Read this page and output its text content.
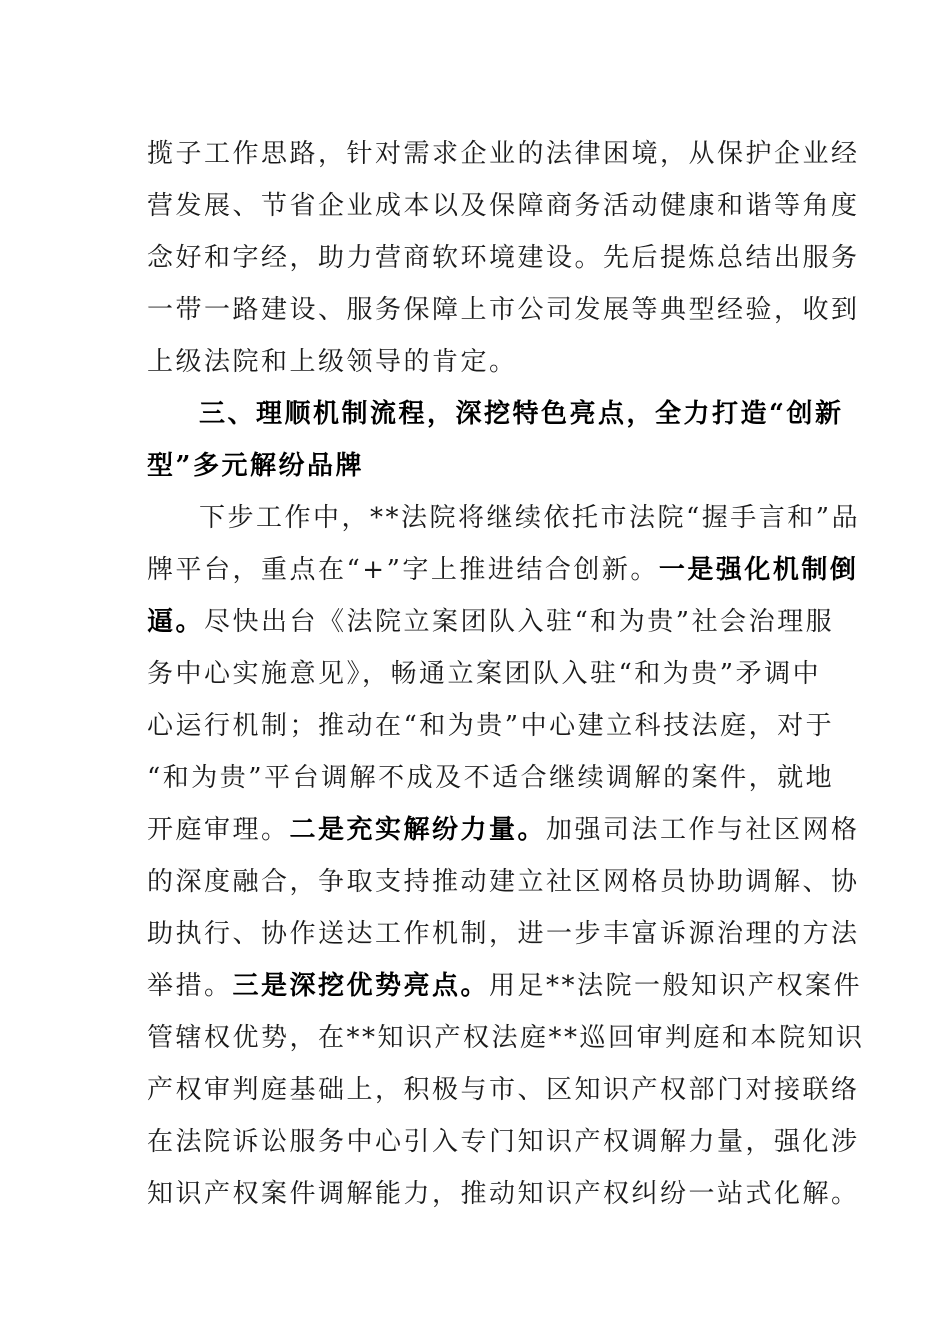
揽子工作思路，针对需求企业的法律困境，从保护企业经
营发展、节省企业成本以及保障商务活动健康和谐等角度
念好和字经，助力营商软环境建设。先后提炼总结出服务
一带一路建设、服务保障上市公司发展等典型经验，收到
上级法院和上级领导的肯定。
三、理顺机制流程，深挖特色亮点，全力打造“创新
型”多元解纷品牌
下步工作中，**法院将继续依托市法院“握手言和”品
牌平台，重点在“+”字上推进结合创新。一是强化机制倒
逼。尽快出台《法院立案团队入驻“和为贵”社会治理服
务中心实施意见》，畅通立案团队入驻“和为贵”矛调中
心运行机制；推动在“和为贵”中心建立科技法庭，对于
“和为贵”平台调解不成及不适合继续调解的案件，就地
开庭审理。二是充实解纷力量。加强司法工作与社区网格
的深度融合，争取支持推动建立社区网格员协助调解、协
助执行、协作送达工作机制，进一步丰富诉源治理的方法
举措。三是深挖优势亮点。用足**法院一般知识产权案件
管辖权优势，在**知识产权法庭**巡回审判庭和本院知识
产权审判庭基础上，积极与市、区知识产权部门对接联络
在法院诉讼服务中心引入专门知识产权调解力量，强化涉
知识产权案件调解能力，推动知识产权纠纷一站式化解。
